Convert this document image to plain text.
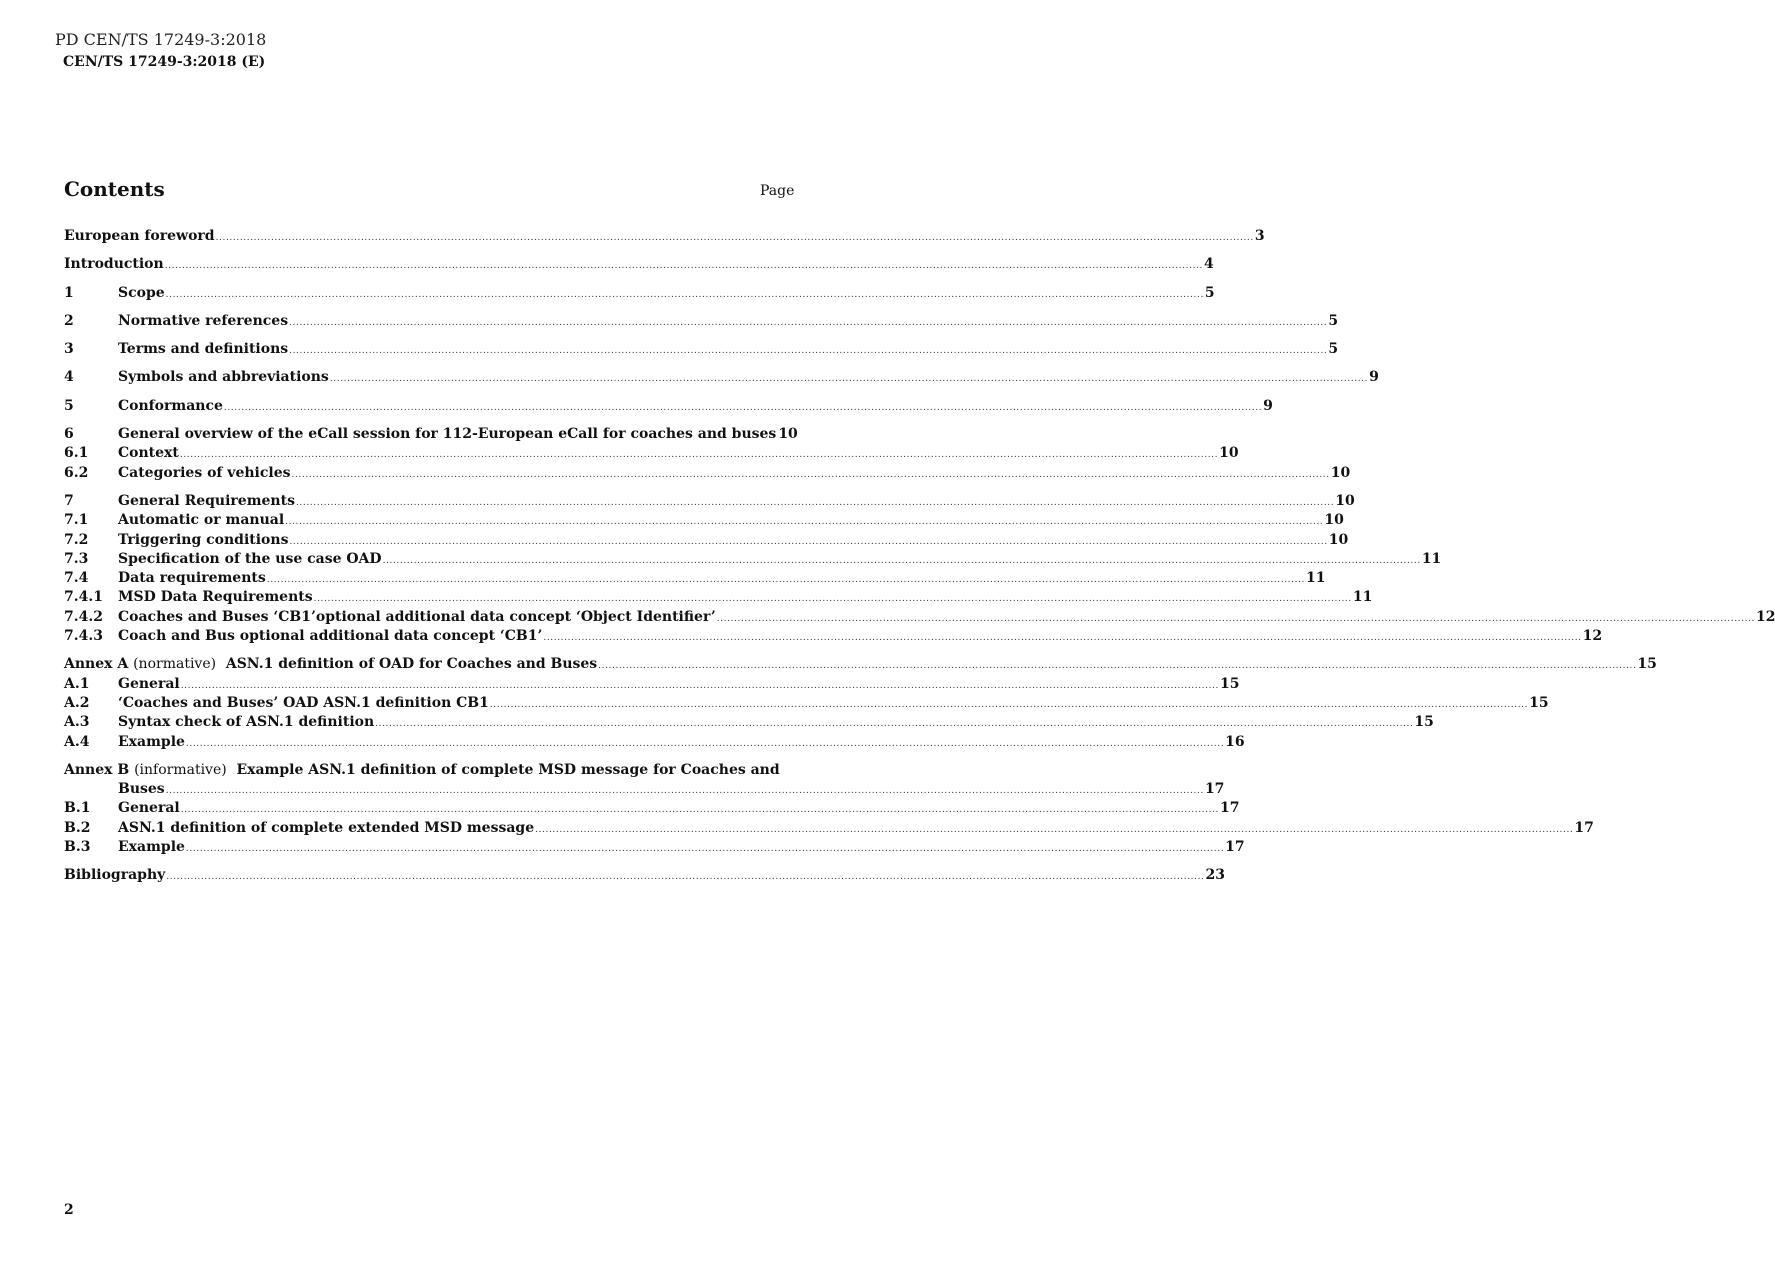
PD CEN/TS 17249-3:2018
CEN/TS 17249-3:2018 (E)
Contents	Page
European foreword ............................................................................................................................................................................................................................................................................................................ 3
Introduction ............................................................................................................................................................................................................................................................................................................ 4
1	Scope ............................................................................................................................................................................................................................................................................................................ 5
2	Normative references ............................................................................................................................................................................................................................................................................................................ 5
3	Terms and definitions ............................................................................................................................................................................................................................................................................................................ 5
4	Symbols and abbreviations ............................................................................................................................................................................................................................................................................................................ 9
5	Conformance ............................................................................................................................................................................................................................................................................................................ 9
6	General overview of the eCall session for 112-European eCall for coaches and buses 10
6.1	Context ............................................................................................................................................................................................................................................................................................................ 10
6.2	Categories of vehicles ............................................................................................................................................................................................................................................................................................................ 10
7	General Requirements ............................................................................................................................................................................................................................................................................................................ 10
7.1	Automatic or manual ............................................................................................................................................................................................................................................................................................................ 10
7.2	Triggering conditions ............................................................................................................................................................................................................................................................................................................ 10
7.3	Specification of the use case OAD ............................................................................................................................................................................................................................................................................................................ 11
7.4	Data requirements ............................................................................................................................................................................................................................................................................................................ 11
7.4.1	MSD Data Requirements ............................................................................................................................................................................................................................................................................................................ 11
7.4.2	Coaches and Buses ‘CB1’optional additional data concept ‘Object Identifier’ ............................................................................................................................................................................................................................................................................................................ 12
7.4.3	Coach and Bus optional additional data concept ‘CB1’ ............................................................................................................................................................................................................................................................................................................ 12
Annex A (normative) ASN.1 definition of OAD for Coaches and Buses ............................................................................................................................................................................................................................................................................................................ 15
A.1	General ............................................................................................................................................................................................................................................................................................................ 15
A.2	‘Coaches and Buses’ OAD ASN.1 definition CB1 ............................................................................................................................................................................................................................................................................................................ 15
A.3	Syntax check of ASN.1 definition ............................................................................................................................................................................................................................................................................................................ 15
A.4	Example ............................................................................................................................................................................................................................................................................................................ 16
Annex B (informative) Example ASN.1 definition of complete MSD message for Coaches and
Buses ............................................................................................................................................................................................................................................................................................................ 17
B.1	General ............................................................................................................................................................................................................................................................................................................ 17
B.2	ASN.1 definition of complete extended MSD message ............................................................................................................................................................................................................................................................................................................ 17
B.3	Example ............................................................................................................................................................................................................................................................................................................ 17
Bibliography ............................................................................................................................................................................................................................................................................................................ 23
2
